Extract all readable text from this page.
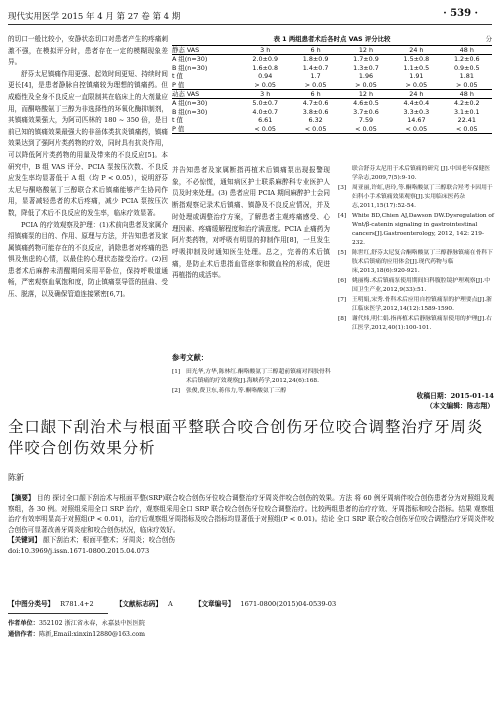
现代实用医学 2015 年 4 月 第 27 卷 第 4 期	· 539 ·

的切口一般比较小，安静状态切口对患者产生的疼痛刺激不强，在模拟评分时，患者存在一定的模糊现象差异。

舒芬太尼镇痛作用更强、起效时间更短、持续时间更长[4]，是患者静脉自控镇痛较为理想的镇痛药。但成瘾性及全身不良反应一直限制其在临床上的大剂量应用，而酮咯酸氨丁三醇为非选择性的环氧化酶抑制剂，其镇痛效果强大，为阿司匹林的 180 ~ 350 倍，是目前已知的镇痛效果最强大的非甾体类抗炎镇痛药，镇痛效果达到了强阿片类药物的疗效，同时具有抗炎作用，可以降低阿片类药物的用量及带来的不良反应[5]。本研究中，B 组 VAS 评分、PCIA 泵按压次数、不良反应发生率均显著低于 A 组（均 P < 0.05），说明舒芬太尼与酮咯酸氨丁三醇联合术后镇痛能够产生协同作用，显著减轻患者的术后疼痛，减少 PCIA 泵按压次数，降低了术后不良反应的发生率，临床疗效显著。

PCIA 的疗效观察及护理：(1)术前向患者及家属介绍镇痛泵的目的、作用、原理与方法，并告知患者及家属镇痛药物可能存在的不良反应，消除患者对疼痛的恐惧及焦虑的心情，以最佳的心理状态接受治疗。(2)回患者术后麻醉未清醒期间采用平卧位，保持呼吸道通畅，严密观察血氧饱和度，防止镇痛泵导管的扭曲、受压、脱落，以及确保管道连接紧密[6,7]。

表 1 两组患者术后各时点 VAS 评分比较	分
静态 VAS	3 h	6 h	12 h	24 h	48 h
A 组(n=30)	2.0±0.9	1.8±0.9	1.7±0.9	1.5±0.8	1.2±0.6
B 组(n=30)	1.6±0.8	1.4±0.7	1.3±0.7	1.1±0.5	0.9±0.5
t 值	0.94	1.7	1.96	1.91	1.81
P 值	> 0.05	> 0.05	> 0.05	> 0.05	> 0.05
动态 VAS	3 h	6 h	12 h	24 h	48 h
A 组(n=30)	5.0±0.7	4.7±0.6	4.6±0.5	4.4±0.4	4.2±0.2
B 组(n=30)	4.0±0.7	3.8±0.6	3.7±0.6	3.3±0.3	3.1±0.1
t 值	6.61	6.32	7.59	14.67	22.41
P 值	< 0.05	< 0.05	< 0.05	< 0.05	< 0.05

并告知患者及家属断指再植术后镇痛泵出现报警现象，不必惊慌，通知病区护士联系麻醉科专业医护人员及时来处理。(3) 患者应用 PCIA 期间麻醉护士会同断指观察记录术后镇痛、镇静及不良反应情况，并及时处理或调整治疗方案，了解患者主观疼痛感受、心理因素、疼痛缓解程度和治疗满意度。PCIA 止痛药为阿片类药物，对呼吸有明显的抑制作用[8]，一旦发生呼吸抑制及时通知医生处理。总之，完善的术后镇痛，是防止术后患指血管痉挛和微血栓的形成，促进再植指的成活率。

参考文献：
[1] 田光华,方华,陈林红.酮咯酸氨丁三醇超前镇痛对四肢骨科术后镇痛的疗效观察[J].海峡药学,2012,24(6):168.
[2] 张俊,费卫东,蒋伟力,等.酮咯酸氨丁三醇
联合舒芬太尼用于术后镇痛的研究 [J].中国老年保健医学杂志,2009,7(5):9-10.
[3] 周亚丽,许虹,唐玲,等.酮咯酸氨丁三醇联合羟考卡因用于妇科小手术镇痛效果观察[J].实用临床医药杂志,2011,15(17):52-54.
[4] White BD,Chien AJ,Dawson DW.Dysregulation of Wnt/β-catenin signaling in gastrointestinal cancers[J].Gastroenterology, 2012, 142: 219-232.
[5] 陈世红,舒芬太尼复合酮咯酸氨丁三醇静脉镇痛在骨科下肢术后镇痛的应用体会[J].现代药物与临床,2013,18(6):920-921.
[6] 姚丽梅.术后镇痛泵使用期间妇科腹腔镜护理观察[J].中国卫生产业,2012,9(33):51.
[7] 王明娟,宋秀.骨科术后应用自控镇痛泵的护理要点[J].浙江临床医学,2012,14(12):1589-1590.
[8] 谢代炜,明仁娟.指再植术后静脉镇痛泵使用的护理[J].右江医学,2012,40(1):100-101.
收稿日期：2015-01-14
（本文编辑：陈志翔）
全口龈下刮治术与根面平整联合咬合创伤牙位咬合调整治疗牙周炎伴咬合创伤效果分析
陈新
【摘要】 目的 探讨全口龈下刮治术与根面平整(SRP)联合咬合创伤牙位咬合调整治疗牙周炎伴咬合创伤的效果。方法 将 60 例牙周病伴咬合创伤患者分为对照组及观察组，各 30 例。对照组采用全口 SRP 治疗，观察组采用全口 SRP 联合咬合创伤牙位咬合调整治疗。比较两组患者的治疗疗效、牙周指标和咬合指标。结果 观察组治疗有效率明显高于对照组(P < 0.01)，治疗后观察组牙周指标及咬合指标均显著低于对照组(P < 0.01)。结论 全口 SRP 联合咬合创伤牙位咬合调整治疗牙周炎伴咬合创伤可显著改善牙周炎症和咬合创伤状况，临床疗效好。
【关键词】 龈下刮治术；根面平整术；牙周炎；咬合创伤
doi:10.3969/j.issn.1671-0800.2015.04.073
【中图分类号】 R781.4+2	【文献标志码】 A	【文章编号】 1671-0800(2015)04-0539-03
作者单位：352102 浙江省永春，永嘉县中医医院
通信作者：陈新,Email:xinxin12880@163.com
